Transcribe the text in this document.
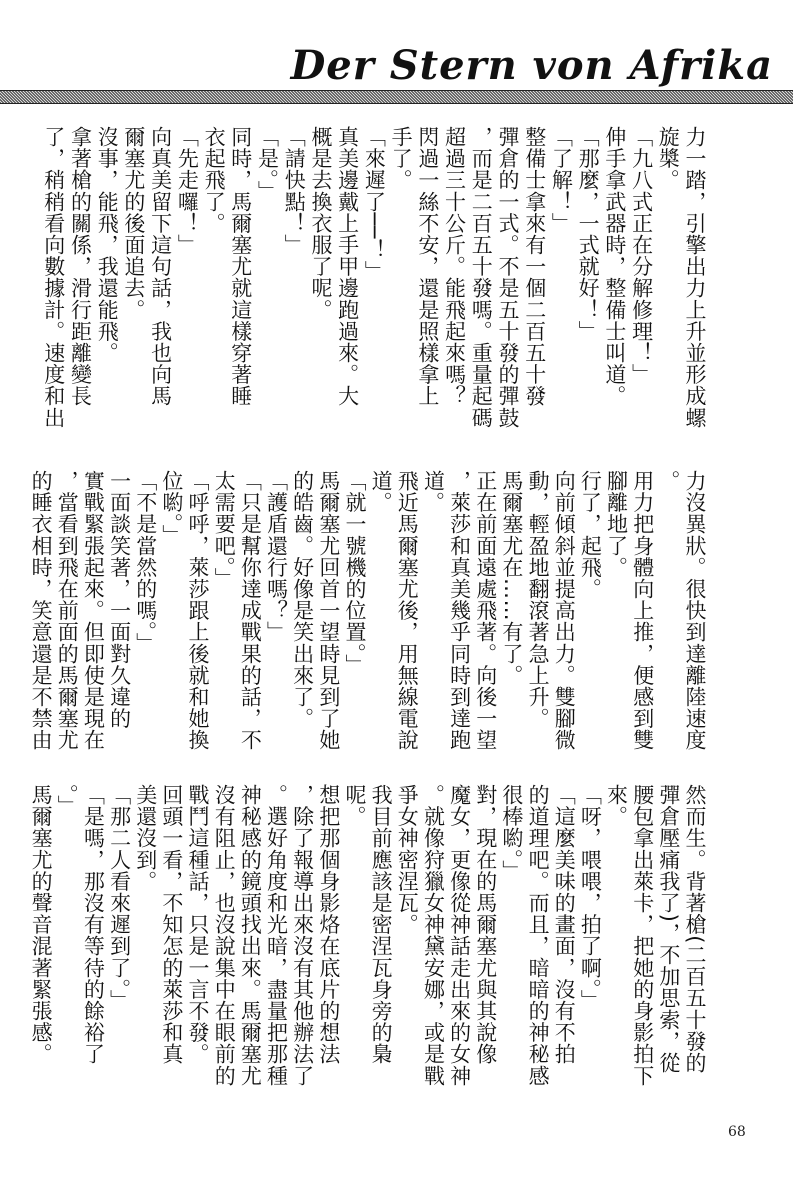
Der Stern von Afrika
力一踏，引擎出力上升並形成螺
旋槳。
「九八式正在分解修理！」
伸手拿武器時，整備士叫道。
「那麼，一式就好！」
「了解！」
整備士拿來有一個二百五十發
彈倉的一式。不是五十發的彈鼓
，而是二百五十發嗎。重量起碼
超過三十公斤。能飛起來嗎？
閃過一絲不安，還是照樣拿上
手了。
「來遲了──！」
真美邊戴上手甲邊跑過來。大
概是去換衣服了呢。
「請快點！」
「是。」
同時，馬爾塞尤就這樣穿著睡
衣起飛了。
「先走囉！」
向真美留下這句話，我也向馬
爾塞尤的後面追去。
沒事，能飛，我還能飛。
拿著槍的關係，滑行距離變長
了，稍稍看向數據計。速度和出
力沒異狀。很快到達離陸速度
。
用力把身體向上推，便感到雙
腳離地了。
行了，起飛。
向前傾斜並提高出力。雙腳微
動，輕盈地翻滾著急上升。
馬爾塞尤在……有了。
正在前面遠處飛著。向後一望
，萊莎和真美幾乎同時到達跑
道。
飛近馬爾塞尤後，用無線電說
道。
「就一號機的位置。」
馬爾塞尤回首一望時見到了她
的皓齒。好像是笑出來了。
「護盾還行嗎？」
「只是幫你達成戰果的話，不
太需要吧。」
「呼呼，萊莎跟上後就和她換
位喲。」
「不是當然的嗎。」
一面談笑著，一面對久違的
實戰緊張起來。但即使是現在
，當看到飛在前面的馬爾塞尤
的睡衣相時，笑意還是不禁由
然而生。背著槍(二百五十發的
彈倉壓痛我了)，不加思索，從
腰包拿出萊卡，把她的身影拍下
來。
「呀，喂喂，拍了啊。」
「這麼美味的畫面，沒有不拍
的道理吧。而且，暗暗的神秘感
很棒喲。」
對，現在的馬爾塞尤與其說像
魔女，更像從神話走出來的女神
。就像狩獵女神黛安娜，或是戰
爭女神密涅瓦。
我目前應該是密涅瓦身旁的梟
呢。
想把那個身影烙在底片的想法
，除了報導出來沒有其他辦法了
。選好角度和光暗，盡量把那種
神秘感的鏡頭找出來。馬爾塞尤
沒有阻止，也沒說集中在眼前的
戰鬥這種話，只是一言不發。
回頭一看，不知怎的萊莎和真
美還沒到。
「那二人看來遲到了。」
「是嗎，那沒有等待的餘裕了
。」
馬爾塞尤的聲音混著緊張感。
68
